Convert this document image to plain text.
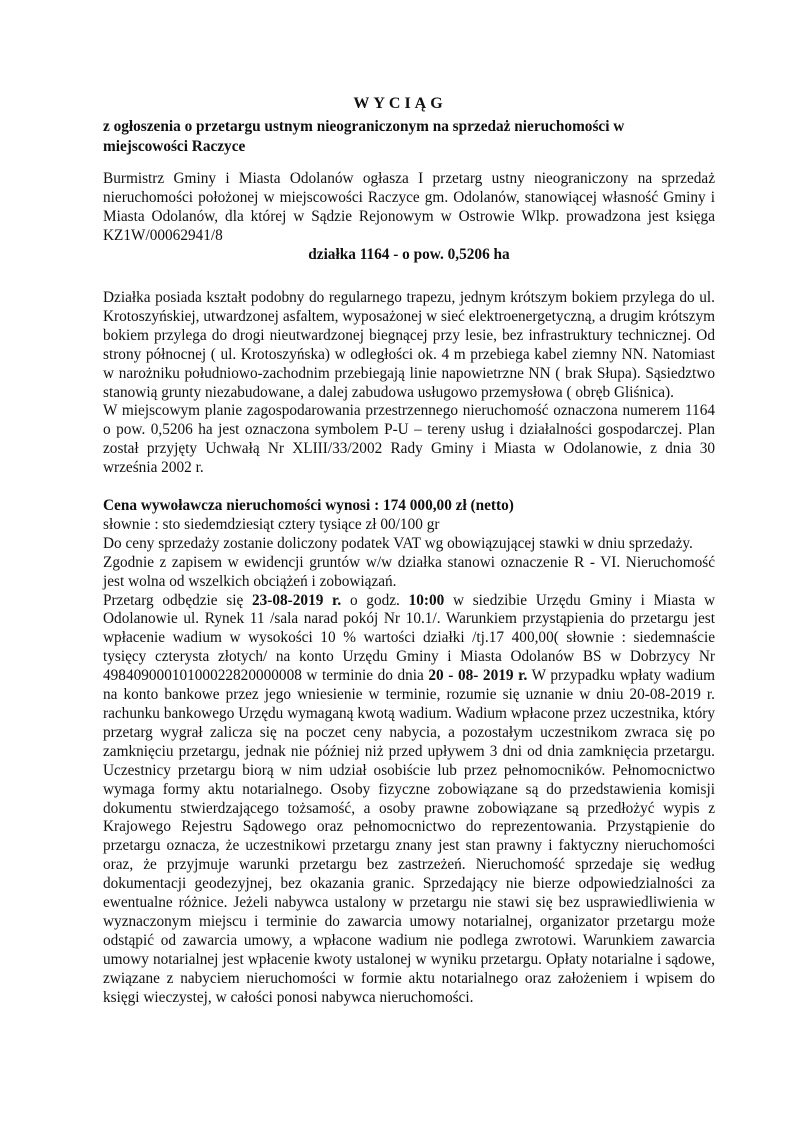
WYCIĄG
z ogłoszenia o przetargu ustnym nieograniczonym na sprzedaż nieruchomości w miejscowości Raczyce

Burmistrz Gminy i Miasta Odolanów ogłasza I przetarg ustny nieograniczony na sprzedaż nieruchomości położonej w miejscowości Raczyce gm. Odolanów, stanowiącej własność Gminy i Miasta Odolanów, dla której w Sądzie Rejonowym w Ostrowie Wlkp. prowadzona jest księga KZ1W/00062941/8

działka 1164 - o pow. 0,5206 ha

Działka posiada kształt podobny do regularnego trapezu, jednym krótszym bokiem przylega do ul. Krotoszyńskiej, utwardzonej asfaltem, wyposażonej w sieć elektroenergetyczną, a drugim krótszym bokiem przylega do drogi nieutwardzonej biegnącej przy lesie, bez infrastruktury technicznej. Od strony północnej ( ul. Krotoszyńska) w odległości ok. 4 m przebiega kabel ziemny NN. Natomiast w narożniku południowo-zachodnim przebiegają linie napowietrzne NN ( brak Słupa). Sąsiedztwo stanowią grunty niezabudowane, a dalej zabudowa usługowo przemysłowa ( obręb Gliśnica).

W miejscowym planie zagospodarowania przestrzennego nieruchomość oznaczona numerem 1164 o pow. 0,5206 ha jest oznaczona symbolem P-U – tereny usług i działalności gospodarczej. Plan został przyjęty Uchwałą Nr XLIII/33/2002 Rady Gminy i Miasta w Odolanowie, z dnia 30 września 2002 r.

Cena wywoławcza nieruchomości wynosi : 174 000,00 zł (netto)

słownie : sto siedemdziesiąt cztery tysiące zł 00/100 gr

Do ceny sprzedaży zostanie doliczony podatek VAT wg obowiązującej stawki w dniu sprzedaży.

Zgodnie z zapisem w ewidencji gruntów w/w działka stanowi oznaczenie R - VI. Nieruchomość jest wolna od wszelkich obciążeń i zobowiązań.

Przetarg odbędzie się 23-08-2019 r. o godz. 10:00 w siedzibie Urzędu Gminy i Miasta w Odolanowie ul. Rynek 11 /sala narad pokój Nr 10.1/. Warunkiem przystąpienia do przetargu jest wpłacenie wadium w wysokości 10 % wartości działki /tj.17 400,00( słownie : siedemnaście tysięcy czterysta złotych/ na konto Urzędu Gminy i Miasta Odolanów BS w Dobrzycy Nr 49840900010100022820000008 w terminie do dnia 20 - 08- 2019 r. W przypadku wpłaty wadium na konto bankowe przez jego wniesienie w terminie, rozumie się uznanie w dniu 20-08-2019 r. rachunku bankowego Urzędu wymaganą kwotą wadium. Wadium wpłacone przez uczestnika, który przetarg wygrał zalicza się na poczet ceny nabycia, a pozostałym uczestnikom zwraca się po zamknięciu przetargu, jednak nie później niż przed upływem 3 dni od dnia zamknięcia przetargu. Uczestnicy przetargu biorą w nim udział osobiście lub przez pełnomocników. Pełnomocnictwo wymaga formy aktu notarialnego. Osoby fizyczne zobowiązane są do przedstawienia komisji dokumentu stwierdzającego tożsamość, a osoby prawne zobowiązane są przedłożyć wypis z Krajowego Rejestru Sądowego oraz pełnomocnictwo do reprezentowania. Przystąpienie do przetargu oznacza, że uczestnikowi przetargu znany jest stan prawny i faktyczny nieruchomości oraz, że przyjmuje warunki przetargu bez zastrzeżeń. Nieruchomość sprzedaje się według dokumentacji geodezyjnej, bez okazania granic. Sprzedający nie bierze odpowiedzialności za ewentualne różnice. Jeżeli nabywca ustalony w przetargu nie stawi się bez usprawiedliwienia w wyznaczonym miejscu i terminie do zawarcia umowy notarialnej, organizator przetargu może odstąpić od zawarcia umowy, a wpłacone wadium nie podlega zwrotowi. Warunkiem zawarcia umowy notarialnej jest wpłacenie kwoty ustalonej w wyniku przetargu. Opłaty notarialne i sądowe, związane z nabyciem nieruchomości w formie aktu notarialnego oraz założeniem i wpisem do księgi wieczystej, w całości ponosi nabywca nieruchomości.
